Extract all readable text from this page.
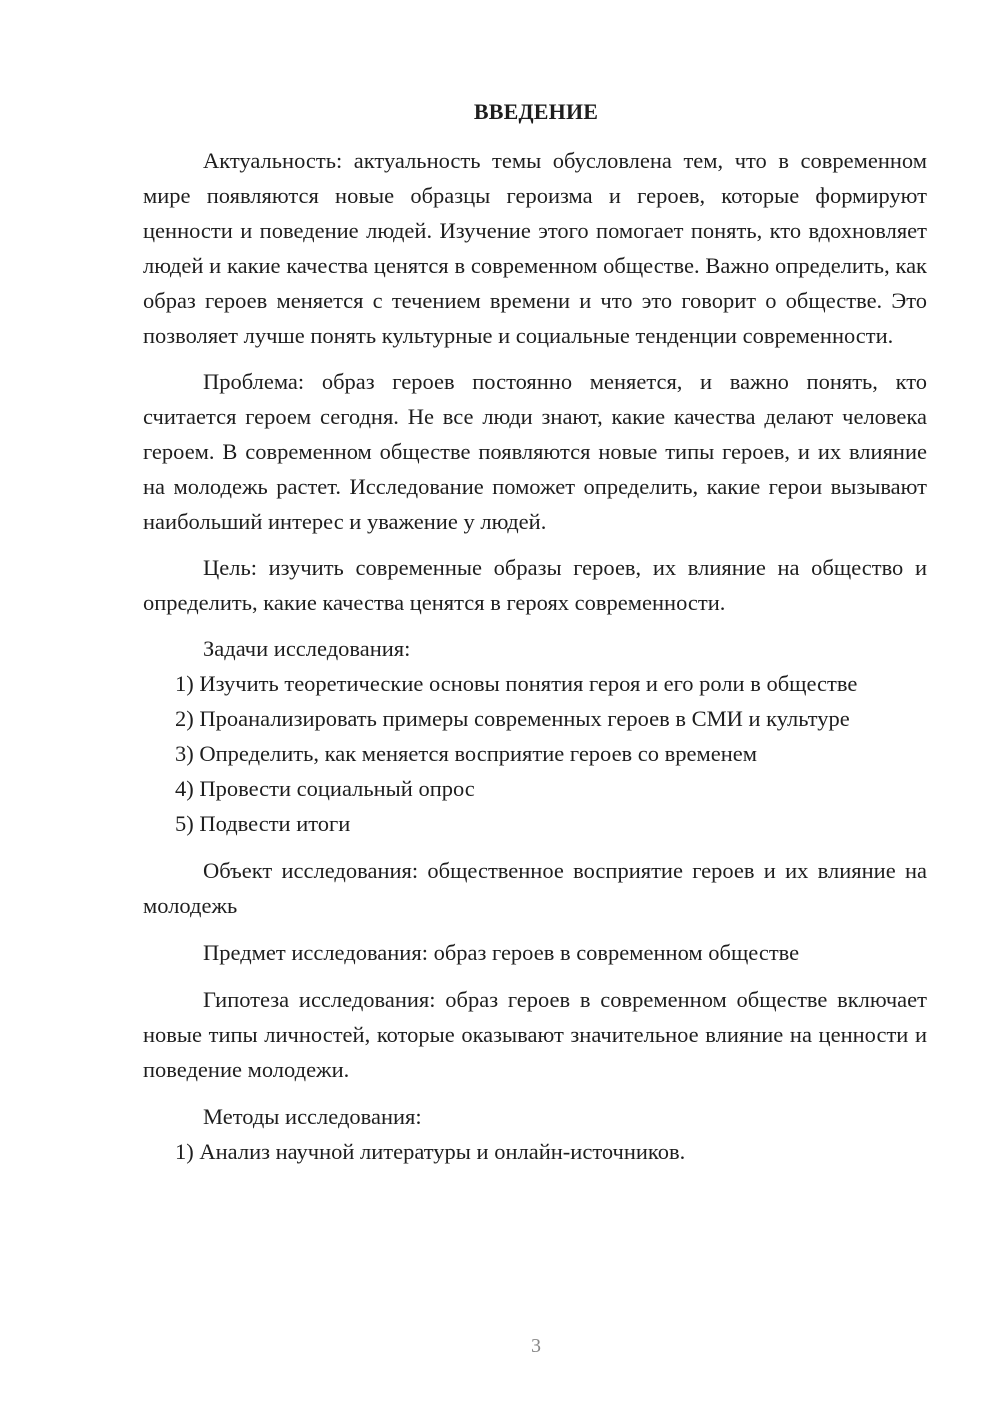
ВВЕДЕНИЕ

Актуальность: актуальность темы обусловлена тем, что в современном мире появляются новые образцы героизма и героев, которые формируют ценности и поведение людей. Изучение этого помогает понять, кто вдохновляет людей и какие качества ценятся в современном обществе. Важно определить, как образ героев меняется с течением времени и что это говорит о обществе. Это позволяет лучше понять культурные и социальные тенденции современности.

Проблема: образ героев постоянно меняется, и важно понять, кто считается героем сегодня. Не все люди знают, какие качества делают человека героем. В современном обществе появляются новые типы героев, и их влияние на молодежь растет. Исследование поможет определить, какие герои вызывают наибольший интерес и уважение у людей.

Цель: изучить современные образы героев, их влияние на общество и определить, какие качества ценятся в героях современности.

Задачи исследования:

1) Изучить теоретические основы понятия героя и его роли в обществе

2) Проанализировать примеры современных героев в СМИ и культуре

3) Определить, как меняется восприятие героев со временем

4) Провести социальный опрос

5) Подвести итоги

Объект исследования: общественное восприятие героев и их влияние на молодежь

Предмет исследования: образ героев в современном обществе

Гипотеза исследования: образ героев в современном обществе включает новые типы личностей, которые оказывают значительное влияние на ценности и поведение молодежи.

Методы исследования:

1) Анализ научной литературы и онлайн-источников.

3
